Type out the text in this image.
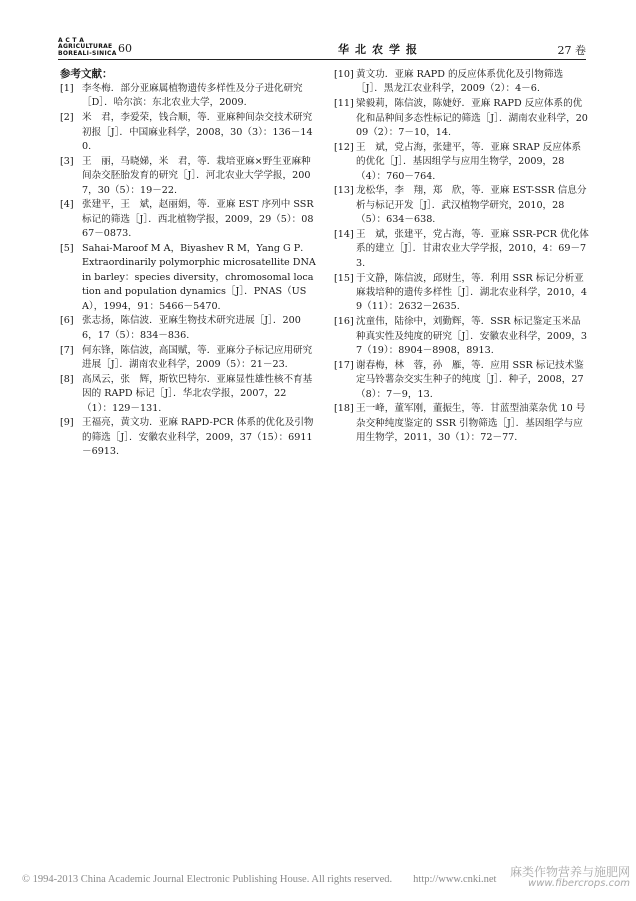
A C T A
AGRICULTURAE
BOREALI-SINICA 60	华北农学报	27 卷
参考文献：
[1] 李冬梅．部分亚麻属植物遗传多样性及分子进化研究［D］．哈尔滨：东北农业大学，2009.
[2] 米　君，李爱荣，钱合顺，等．亚麻种间杂交技术研究初报［J］．中国麻业科学，2008，30（3）：136－140.
[3] 王　丽，马晓娣，米　君，等．栽培亚麻×野生亚麻种间杂交胚胎发育的研究［J］．河北农业大学学报，2007，30（5）：19－22.
[4] 张建平，王　斌，赵丽娟，等．亚麻 EST 序列中 SSR 标记的筛选［J］．西北植物学报，2009，29（5）：0867－0873.
[5] Sahai-Maroof M A，Biyashev R M，Yang G P．Extraordinarily polymorphic microsatellite DNA in barley：species diversity，chromosomal location and population dynamics［J］．PNAS（USA），1994，91：5466－5470.
[6] 张志扬，陈信波．亚麻生物技术研究进展［J］．2006，17（5）：834－836.
[7] 何东锋，陈信波，高国赋，等．亚麻分子标记应用研究进展［J］．湖南农业科学，2009（5）：21－23.
[8] 高凤云，张　辉，斯钦巴特尔．亚麻显性雄性核不育基因的 RAPD 标记［J］．华北农学报，2007，22（1）：129－131.
[9] 王福亮，黄文功．亚麻 RAPD-PCR 体系的优化及引物的筛选［J］．安徽农业科学，2009，37（15）：6911－6913.
[10] 黄文功．亚麻 RAPD 的反应体系优化及引物筛选［J］．黑龙江农业科学，2009（2）：4－6.
[11] 梁毅莉，陈信波，陈婕妤．亚麻 RAPD 反应体系的优化和品种间多态性标记的筛选［J］．湖南农业科学，2009（2）：7－10，14.
[12] 王　斌，党占海，张建平，等．亚麻 SRAP 反应体系的优化［J］．基因组学与应用生物学，2009，28（4）：760－764.
[13] 龙松华，李　翔，郑　欣，等．亚麻 EST-SSR 信息分析与标记开发［J］．武汉植物学研究，2010，28（5）：634－638.
[14] 王　斌，张建平，党占海，等．亚麻 SSR-PCR 优化体系的建立［J］．甘肃农业大学学报，2010，4：69－73.
[15] 于文静，陈信波，邱财生，等．利用 SSR 标记分析亚麻栽培种的遗传多样性［J］．湖北农业科学，2010，49（11）：2632－2635.
[16] 沈童伟，陆徐中，刘勤辉，等．SSR 标记鉴定玉米品种真实性及纯度的研究［J］．安徽农业科学，2009，37（19）：8904－8908，8913.
[17] 谢春梅，林　蓉，孙　雁，等．应用 SSR 标记技术鉴定马铃薯杂交实生种子的纯度［J］．种子，2008，27（8）：7－9，13.
[18] 王一峰，董军刚，董振生，等．甘蓝型油菜杂优 10 号杂交种纯度鉴定的 SSR 引物筛选［J］．基因组学与应用生物学，2011，30（1）：72－77.
© 1994-2013 China Academic Journal Electronic Publishing House. All rights reserved.　　http://www.cnki.net
麻类作物营养与施肥网
www.fibercrops.com
